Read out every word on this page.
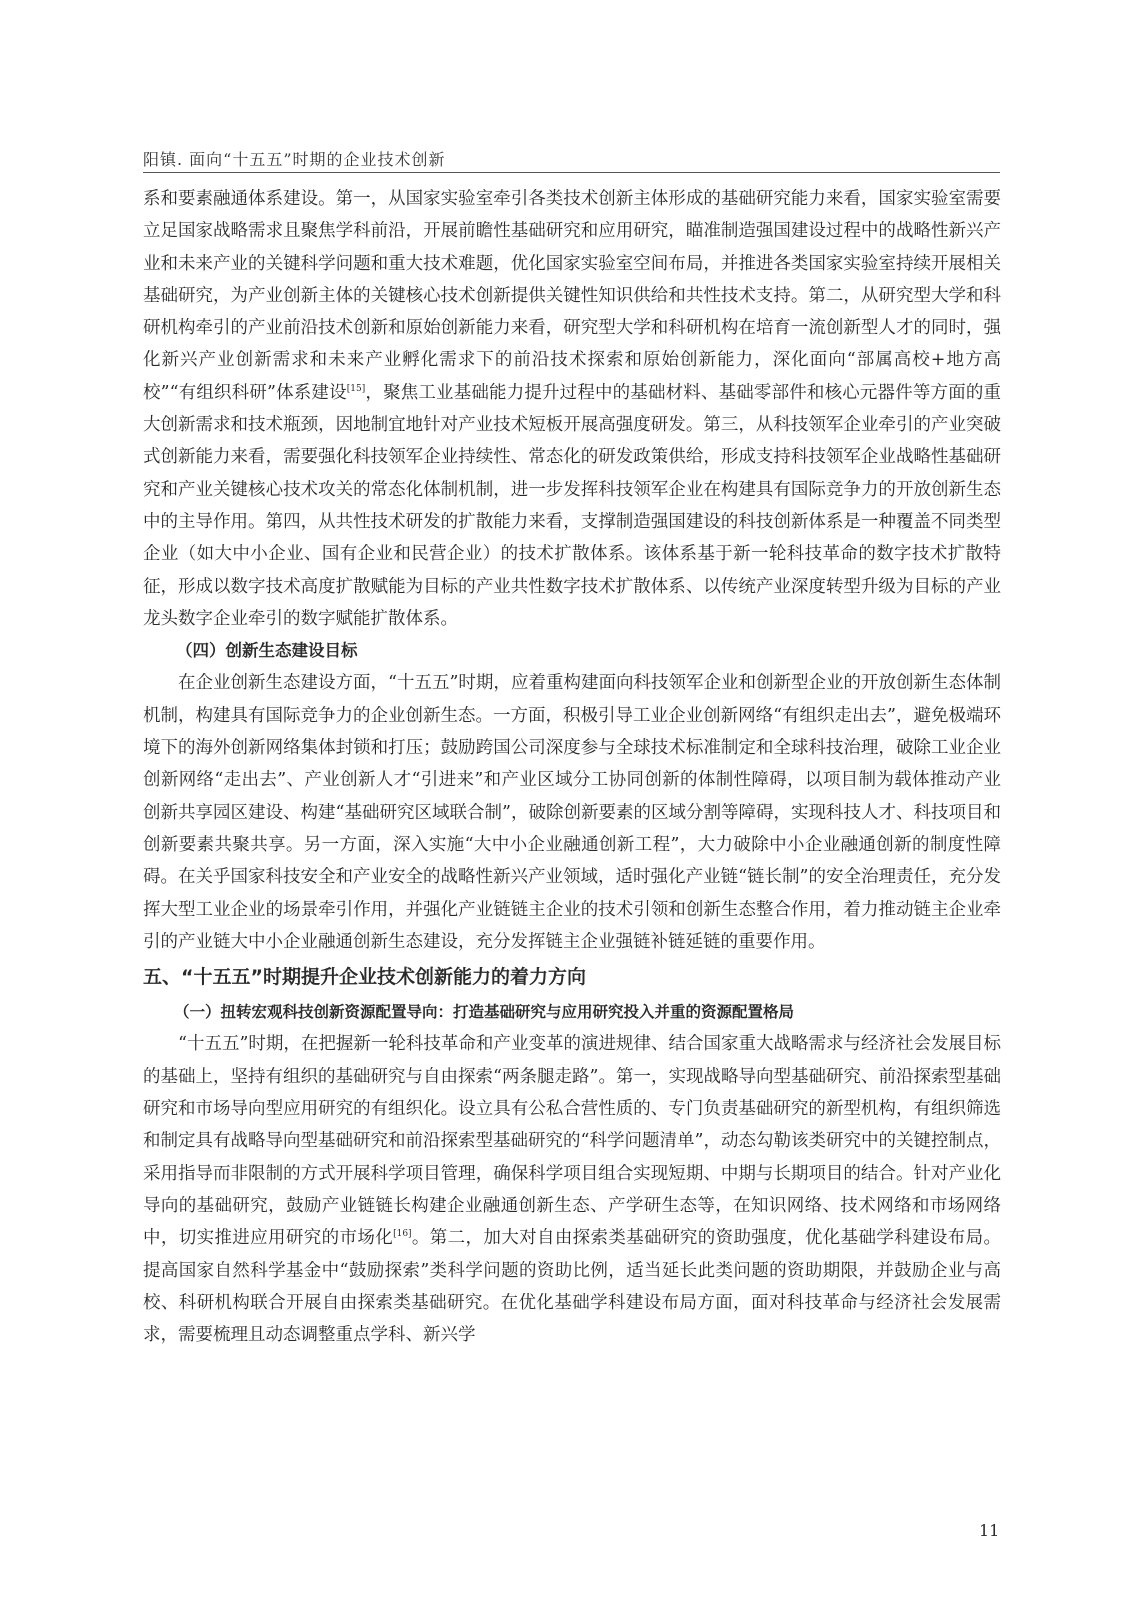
阳镇. 面向“十五五”时期的企业技术创新

系和要素融通体系建设。第一，从国家实验室牵引各类技术创新主体形成的基础研究能力来看，国家实验室需要立足国家战略需求且聚焦学科前沿，开展前瞻性基础研究和应用研究，瞄准制造强国建设过程中的战略性新兴产业和未来产业的关键科学问题和重大技术难题，优化国家实验室空间布局，并推进各类国家实验室持续开展相关基础研究，为产业创新主体的关键核心技术创新提供关键性知识供给和共性技术支持。第二，从研究型大学和科研机构牵引的产业前沿技术创新和原始创新能力来看，研究型大学和科研机构在培育一流创新型人才的同时，强化新兴产业创新需求和未来产业孵化需求下的前沿技术探索和原始创新能力，深化面向“部属高校+地方高校”“有组织科研”体系建设[15]，聚焦工业基础能力提升过程中的基础材料、基础零部件和核心元器件等方面的重大创新需求和技术瓶颈，因地制宜地针对产业技术短板开展高强度研发。第三，从科技领军企业牵引的产业突破式创新能力来看，需要强化科技领军企业持续性、常态化的研发政策供给，形成支持科技领军企业战略性基础研究和产业关键核心技术攻关的常态化体制机制，进一步发挥科技领军企业在构建具有国际竞争力的开放创新生态中的主导作用。第四，从共性技术研发的扩散能力来看，支撑制造强国建设的科技创新体系是一种覆盖不同类型企业（如大中小企业、国有企业和民营企业）的技术扩散体系。该体系基于新一轮科技革命的数字技术扩散特征，形成以数字技术高度扩散赋能为目标的产业共性数字技术扩散体系、以传统产业深度转型升级为目标的产业龙头数字企业牵引的数字赋能扩散体系。

（四）创新生态建设目标

在企业创新生态建设方面，“十五五”时期，应着重构建面向科技领军企业和创新型企业的开放创新生态体制机制，构建具有国际竞争力的企业创新生态。一方面，积极引导工业企业创新网络“有组织走出去”，避免极端环境下的海外创新网络集体封锁和打压；鼓励跨国公司深度参与全球技术标准制定和全球科技治理，破除工业企业创新网络“走出去”、产业创新人才“引进来”和产业区域分工协同创新的体制性障碍，以项目制为载体推动产业创新共享园区建设、构建“基础研究区域联合制”，破除创新要素的区域分割等障碍，实现科技人才、科技项目和创新要素共聚共享。另一方面，深入实施“大中小企业融通创新工程”，大力破除中小企业融通创新的制度性障碍。在关乎国家科技安全和产业安全的战略性新兴产业领域，适时强化产业链“链长制”的安全治理责任，充分发挥大型工业企业的场景牵引作用，并强化产业链链主企业的技术引领和创新生态整合作用，着力推动链主企业牵引的产业链大中小企业融通创新生态建设，充分发挥链主企业强链补链延链的重要作用。

五、“十五五”时期提升企业技术创新能力的着力方向

（一）扭转宏观科技创新资源配置导向：打造基础研究与应用研究投入并重的资源配置格局

“十五五”时期，在把握新一轮科技革命和产业变革的演进规律、结合国家重大战略需求与经济社会发展目标的基础上，坚持有组织的基础研究与自由探索“两条腿走路”。第一，实现战略导向型基础研究、前沿探索型基础研究和市场导向型应用研究的有组织化。设立具有公私合营性质的、专门负责基础研究的新型机构，有组织筛选和制定具有战略导向型基础研究和前沿探索型基础研究的“科学问题清单”，动态勾勒该类研究中的关键控制点，采用指导而非限制的方式开展科学项目管理，确保科学项目组合实现短期、中期与长期项目的结合。针对产业化导向的基础研究，鼓励产业链链长构建企业融通创新生态、产学研生态等，在知识网络、技术网络和市场网络中，切实推进应用研究的市场化[16]。第二，加大对自由探索类基础研究的资助强度，优化基础学科建设布局。提高国家自然科学基金中“鼓励探索”类科学问题的资助比例，适当延长此类问题的资助期限，并鼓励企业与高校、科研机构联合开展自由探索类基础研究。在优化基础学科建设布局方面，面对科技革命与经济社会发展需求，需要梳理且动态调整重点学科、新兴学

11
